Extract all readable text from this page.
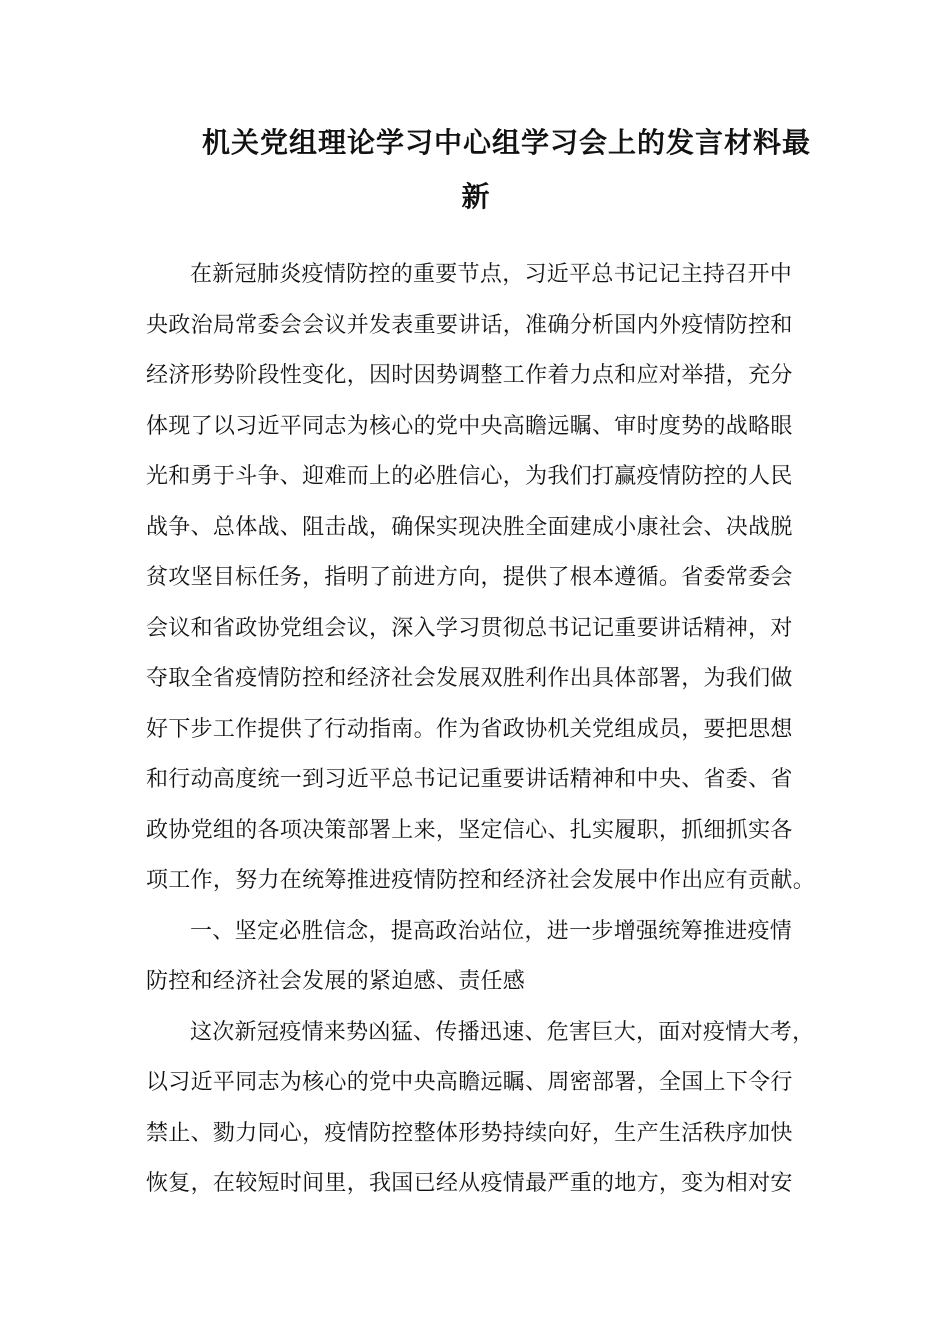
机关党组理论学习中心组学习会上的发言材料最
新
在新冠肺炎疫情防控的重要节点，习近平总书记记主持召开中
央政治局常委会会议并发表重要讲话，准确分析国内外疫情防控和
经济形势阶段性变化，因时因势调整工作着力点和应对举措，充分
体现了以习近平同志为核心的党中央高瞻远瞩、审时度势的战略眼
光和勇于斗争、迎难而上的必胜信心，为我们打赢疫情防控的人民
战争、总体战、阻击战，确保实现决胜全面建成小康社会、决战脱
贫攻坚目标任务，指明了前进方向，提供了根本遵循。省委常委会
会议和省政协党组会议，深入学习贯彻总书记记重要讲话精神，对
夺取全省疫情防控和经济社会发展双胜利作出具体部署，为我们做
好下步工作提供了行动指南。作为省政协机关党组成员，要把思想
和行动高度统一到习近平总书记记重要讲话精神和中央、省委、省
政协党组的各项决策部署上来，坚定信心、扎实履职，抓细抓实各
项工作，努力在统筹推进疫情防控和经济社会发展中作出应有贡献。
一、坚定必胜信念，提高政治站位，进一步增强统筹推进疫情
防控和经济社会发展的紧迫感、责任感
这次新冠疫情来势凶猛、传播迅速、危害巨大，面对疫情大考，
以习近平同志为核心的党中央高瞻远瞩、周密部署，全国上下令行
禁止、勠力同心，疫情防控整体形势持续向好，生产生活秩序加快
恢复，在较短时间里，我国已经从疫情最严重的地方，变为相对安
